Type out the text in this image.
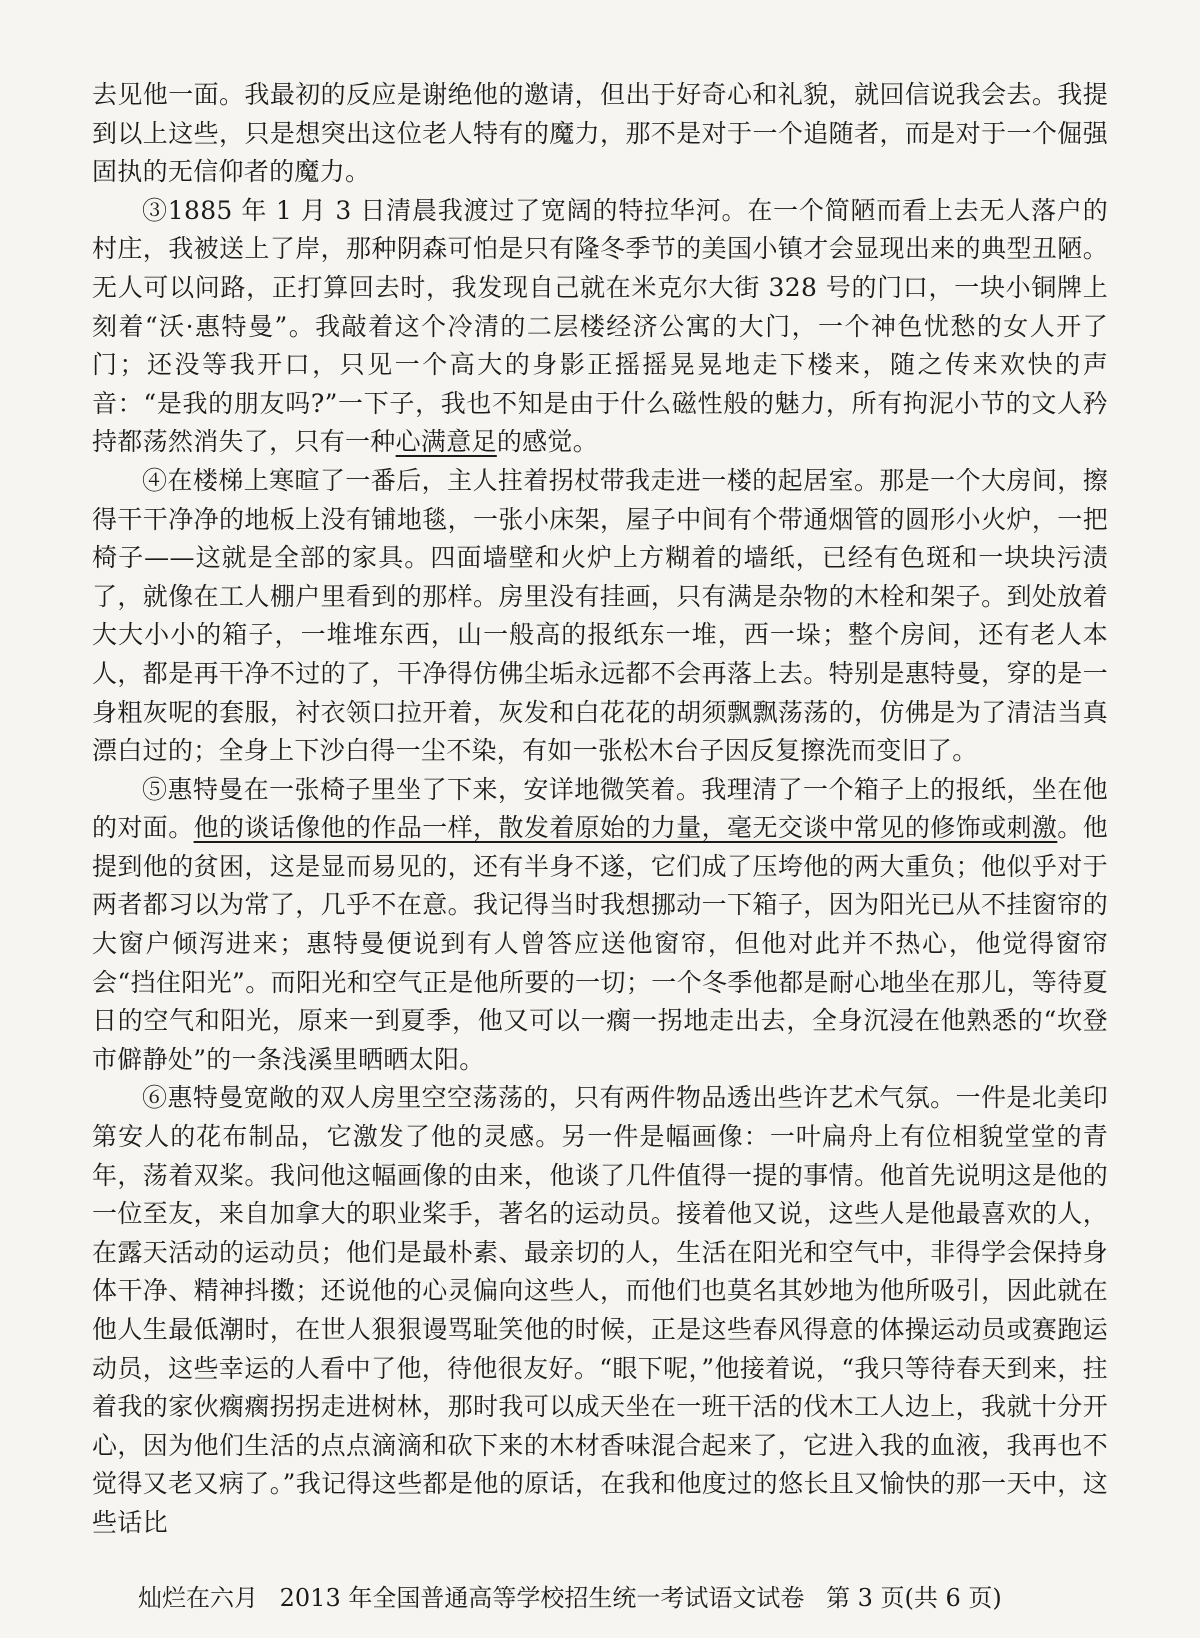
去见他一面。我最初的反应是谢绝他的邀请，但出于好奇心和礼貌，就回信说我会去。我提到以上这些，只是想突出这位老人特有的魔力，那不是对于一个追随者，而是对于一个倔强固执的无信仰者的魔力。

③1885 年 1 月 3 日清晨我渡过了宽阔的特拉华河。在一个简陋而看上去无人落户的村庄，我被送上了岸，那种阴森可怕是只有隆冬季节的美国小镇才会显现出来的典型丑陋。无人可以问路，正打算回去时，我发现自己就在米克尔大街 328 号的门口，一块小铜牌上刻着“沃·惠特曼”。我敲着这个冷清的二层楼经济公寓的大门，一个神色忧愁的女人开了门；还没等我开口，只见一个高大的身影正摇摇晃晃地走下楼来，随之传来欢快的声音：“是我的朋友吗?”一下子，我也不知是由于什么磁性般的魅力，所有拘泥小节的文人矜持都荡然消失了，只有一种心满意足的感觉。

④在楼梯上寒暄了一番后，主人拄着拐杖带我走进一楼的起居室。那是一个大房间，擦得干干净净的地板上没有铺地毯，一张小床架，屋子中间有个带通烟管的圆形小火炉，一把椅子——这就是全部的家具。四面墙壁和火炉上方糊着的墙纸，已经有色斑和一块块污渍了，就像在工人棚户里看到的那样。房里没有挂画，只有满是杂物的木栓和架子。到处放着大大小小的箱子，一堆堆东西，山一般高的报纸东一堆，西一垛；整个房间，还有老人本人，都是再干净不过的了，干净得仿佛尘垢永远都不会再落上去。特别是惠特曼，穿的是一身粗灰呢的套服，衬衣领口拉开着，灰发和白花花的胡须飘飘荡荡的，仿佛是为了清洁当真漂白过的；全身上下沙白得一尘不染，有如一张松木台子因反复擦洗而变旧了。

⑤惠特曼在一张椅子里坐了下来，安详地微笑着。我理清了一个箱子上的报纸，坐在他的对面。他的谈话像他的作品一样，散发着原始的力量，毫无交谈中常见的修饰或刺激。他提到他的贫困，这是显而易见的，还有半身不遂，它们成了压垮他的两大重负；他似乎对于两者都习以为常了，几乎不在意。我记得当时我想挪动一下箱子，因为阳光已从不挂窗帘的大窗户倾泻进来；惠特曼便说到有人曾答应送他窗帘，但他对此并不热心，他觉得窗帘会“挡住阳光”。而阳光和空气正是他所要的一切；一个冬季他都是耐心地坐在那儿，等待夏日的空气和阳光，原来一到夏季，他又可以一瘸一拐地走出去，全身沉浸在他熟悉的“坎登市僻静处”的一条浅溪里晒晒太阳。

⑥惠特曼宽敞的双人房里空空荡荡的，只有两件物品透出些许艺术气氛。一件是北美印第安人的花布制品，它激发了他的灵感。另一件是幅画像：一叶扁舟上有位相貌堂堂的青年，荡着双桨。我问他这幅画像的由来，他谈了几件值得一提的事情。他首先说明这是他的一位至友，来自加拿大的职业桨手，著名的运动员。接着他又说，这些人是他最喜欢的人，在露天活动的运动员；他们是最朴素、最亲切的人，生活在阳光和空气中，非得学会保持身体干净、精神抖擞；还说他的心灵偏向这些人，而他们也莫名其妙地为他所吸引，因此就在他人生最低潮时，在世人狠狠谩骂耻笑他的时候，正是这些春风得意的体操运动员或赛跑运动员，这些幸运的人看中了他，待他很友好。“眼下呢，”他接着说，“我只等待春天到来，拄着我的家伙瘸瘸拐拐走进树林，那时我可以成天坐在一班干活的伐木工人边上，我就十分开心，因为他们生活的点点滴滴和砍下来的木材香味混合起来了，它进入我的血液，我再也不觉得又老又病了。”我记得这些都是他的原话，在我和他度过的悠长且又愉快的那一天中，这些话比

灿烂在六月 2013 年全国普通高等学校招生统一考试语文试卷 第 3 页(共 6 页)
